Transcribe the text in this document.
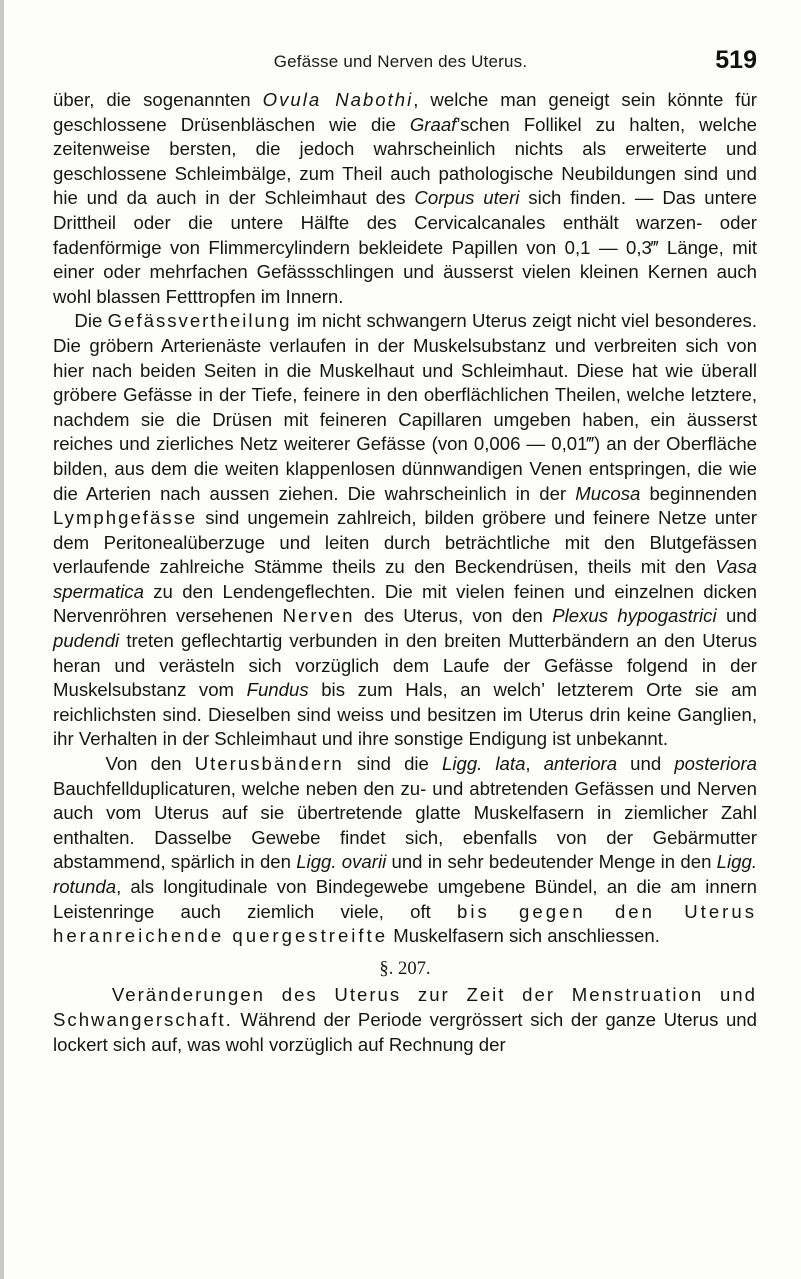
Gefässe und Nerven des Uterus.	519

über, die sogenannten Ovula Nabothi, welche man geneigt sein könnte für geschlossene Drüsenbläschen wie die Graaf’schen Follikel zu halten, welche zeitenweise bersten, die jedoch wahrscheinlich nichts als erweiterte und geschlossene Schleimbälge, zum Theil auch pathologische Neubildungen sind und hie und da auch in der Schleimhaut des Corpus uteri sich finden. — Das untere Drittheil oder die untere Hälfte des Cervicalcanales enthält warzen- oder fadenförmige von Flimmercylindern bekleidete Papillen von 0,1 — 0,3‴ Länge, mit einer oder mehrfachen Gefässschlingen und äusserst vielen kleinen Kernen auch wohl blassen Fetttropfen im Innern.

Die Gefässvertheilung im nicht schwangern Uterus zeigt nicht viel besonderes. Die gröbern Arterienäste verlaufen in der Muskelsubstanz und verbreiten sich von hier nach beiden Seiten in die Muskelhaut und Schleimhaut. Diese hat wie überall gröbere Gefässe in der Tiefe, feinere in den oberflächlichen Theilen, welche letztere, nachdem sie die Drüsen mit feineren Capillaren umgeben haben, ein äusserst reiches und zierliches Netz weiterer Gefässe (von 0,006 — 0,01‴) an der Oberfläche bilden, aus dem die weiten klappenlosen dünnwandigen Venen entspringen, die wie die Arterien nach aussen ziehen. Die wahrscheinlich in der Mucosa beginnenden Lymphgefässe sind ungemein zahlreich, bilden gröbere und feinere Netze unter dem Peritonealüberzuge und leiten durch beträchtliche mit den Blutgefässen verlaufende zahlreiche Stämme theils zu den Beckendrüsen, theils mit den Vasa spermatica zu den Lendengeflechten. Die mit vielen feinen und einzelnen dicken Nervenröhren versehenen Nerven des Uterus, von den Plexus hypogastrici und pudendi treten geflechtartig verbunden in den breiten Mutterbändern an den Uterus heran und verästeln sich vorzüglich dem Laufe der Gefässe folgend in der Muskelsubstanz vom Fundus bis zum Hals, an welch’ letzterem Orte sie am reichlichsten sind. Dieselben sind weiss und besitzen im Uterus drin keine Ganglien, ihr Verhalten in der Schleimhaut und ihre sonstige Endigung ist unbekannt.

Von den Uterusbändern sind die Ligg. lata, anteriora und posteriora Bauchfellduplicaturen, welche neben den zu- und abtretenden Gefässen und Nerven auch vom Uterus auf sie übertretende glatte Muskelfasern in ziemlicher Zahl enthalten. Dasselbe Gewebe findet sich, ebenfalls von der Gebärmutter abstammend, spärlich in den Ligg. ovarii und in sehr bedeutender Menge in den Ligg. rotunda, als longitudinale von Bindegewebe umgebene Bündel, an die am innern Leistenringe auch ziemlich viele, oft bis gegen den Uterus heranreichende quergestreifte Muskelfasern sich anschliessen.

§. 207.

Veränderungen des Uterus zur Zeit der Menstruation und Schwangerschaft. Während der Periode vergrössert sich der ganze Uterus und lockert sich auf, was wohl vorzüglich auf Rechnung der
